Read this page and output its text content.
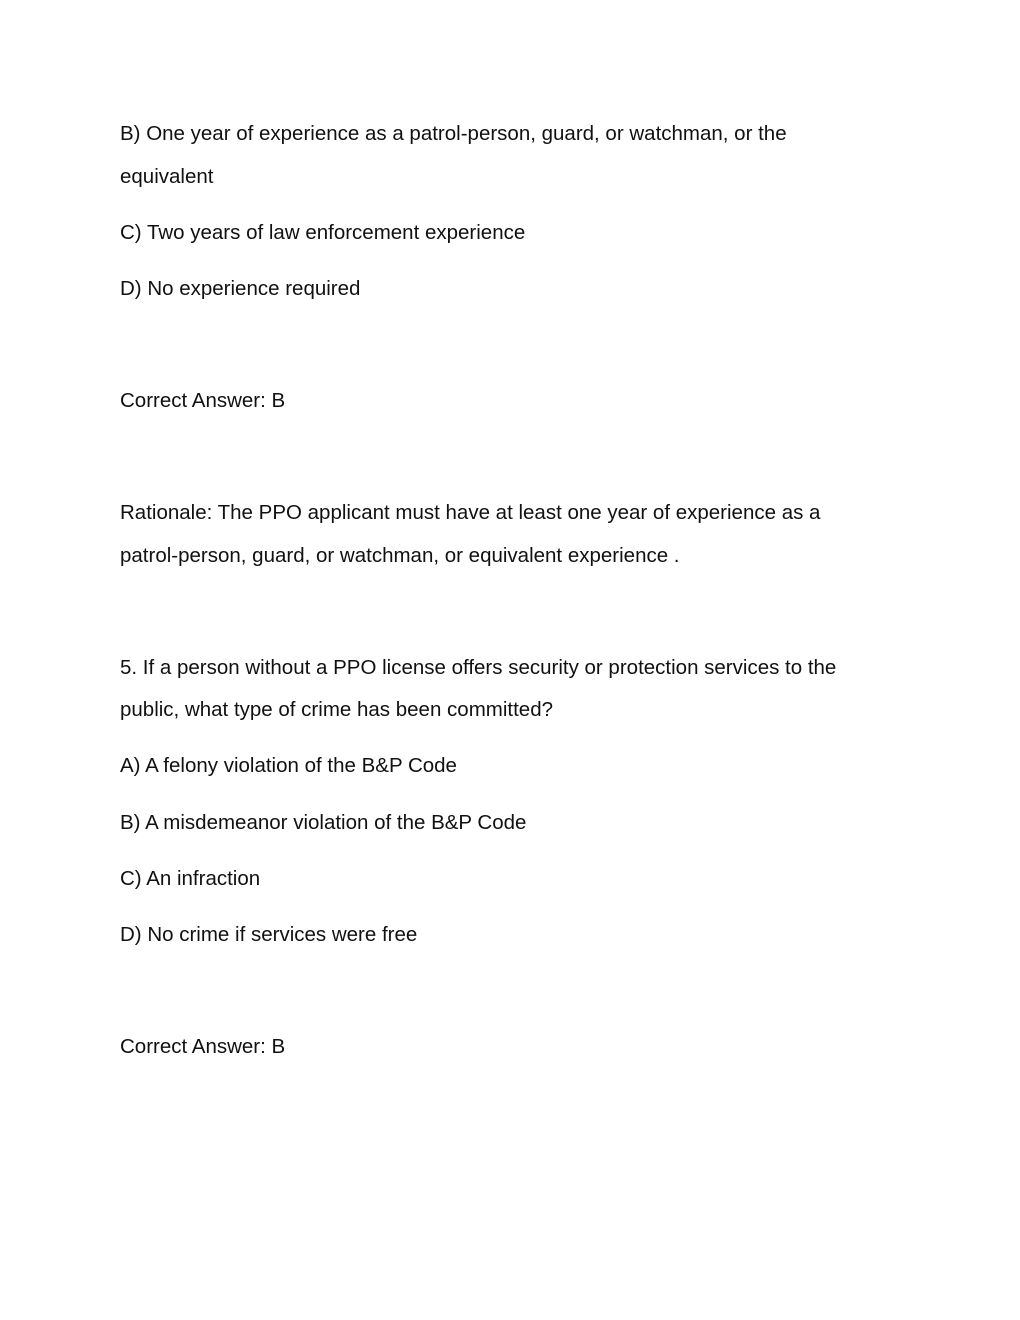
B) One year of experience as a patrol-person, guard, or watchman, or the
equivalent
C) Two years of law enforcement experience
D) No experience required
Correct Answer: B
Rationale: The PPO applicant must have at least one year of experience as a
patrol-person, guard, or watchman, or equivalent experience .
5. If a person without a PPO license offers security or protection services to the
public, what type of crime has been committed?
A) A felony violation of the B&P Code
B) A misdemeanor violation of the B&P Code
C) An infraction
D) No crime if services were free
Correct Answer: B
